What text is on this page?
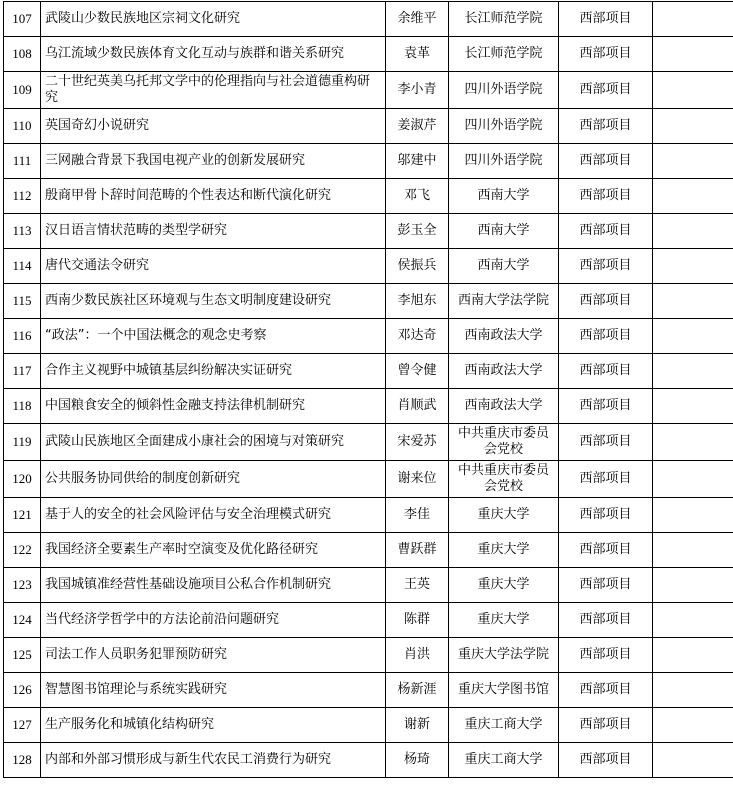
107	武陵山少数民族地区宗祠文化研究	余维平	长江师范学院	西部项目	
108	乌江流域少数民族体育文化互动与族群和谐关系研究	袁革	长江师范学院	西部项目	
109	二十世纪英美乌托邦文学中的伦理指向与社会道德重构研究	李小青	四川外语学院	西部项目	
110	英国奇幻小说研究	姜淑芹	四川外语学院	西部项目	
111	三网融合背景下我国电视产业的创新发展研究	邬建中	四川外语学院	西部项目	
112	殷商甲骨卜辞时间范畴的个性表达和断代演化研究	邓飞	西南大学	西部项目	
113	汉日语言情状范畴的类型学研究	彭玉全	西南大学	西部项目	
114	唐代交通法令研究	侯振兵	西南大学	西部项目	
115	西南少数民族社区环境观与生态文明制度建设研究	李旭东	西南大学法学院	西部项目	
116	“政法”：一个中国法概念的观念史考察	邓达奇	西南政法大学	西部项目	
117	合作主义视野中城镇基层纠纷解决实证研究	曾令健	西南政法大学	西部项目	
118	中国粮食安全的倾斜性金融支持法律机制研究	肖顺武	西南政法大学	西部项目	
119	武陵山民族地区全面建成小康社会的困境与对策研究	宋爱苏	中共重庆市委员会党校	西部项目	
120	公共服务协同供给的制度创新研究	谢来位	中共重庆市委员会党校	西部项目	
121	基于人的安全的社会风险评估与安全治理模式研究	李佳	重庆大学	西部项目	
122	我国经济全要素生产率时空演变及优化路径研究	曹跃群	重庆大学	西部项目	
123	我国城镇准经营性基础设施项目公私合作机制研究	王英	重庆大学	西部项目	
124	当代经济学哲学中的方法论前沿问题研究	陈群	重庆大学	西部项目	
125	司法工作人员职务犯罪预防研究	肖洪	重庆大学法学院	西部项目	
126	智慧图书馆理论与系统实践研究	杨新涯	重庆大学图书馆	西部项目	
127	生产服务化和城镇化结构研究	谢新	重庆工商大学	西部项目	
128	内部和外部习惯形成与新生代农民工消费行为研究	杨琦	重庆工商大学	西部项目	
